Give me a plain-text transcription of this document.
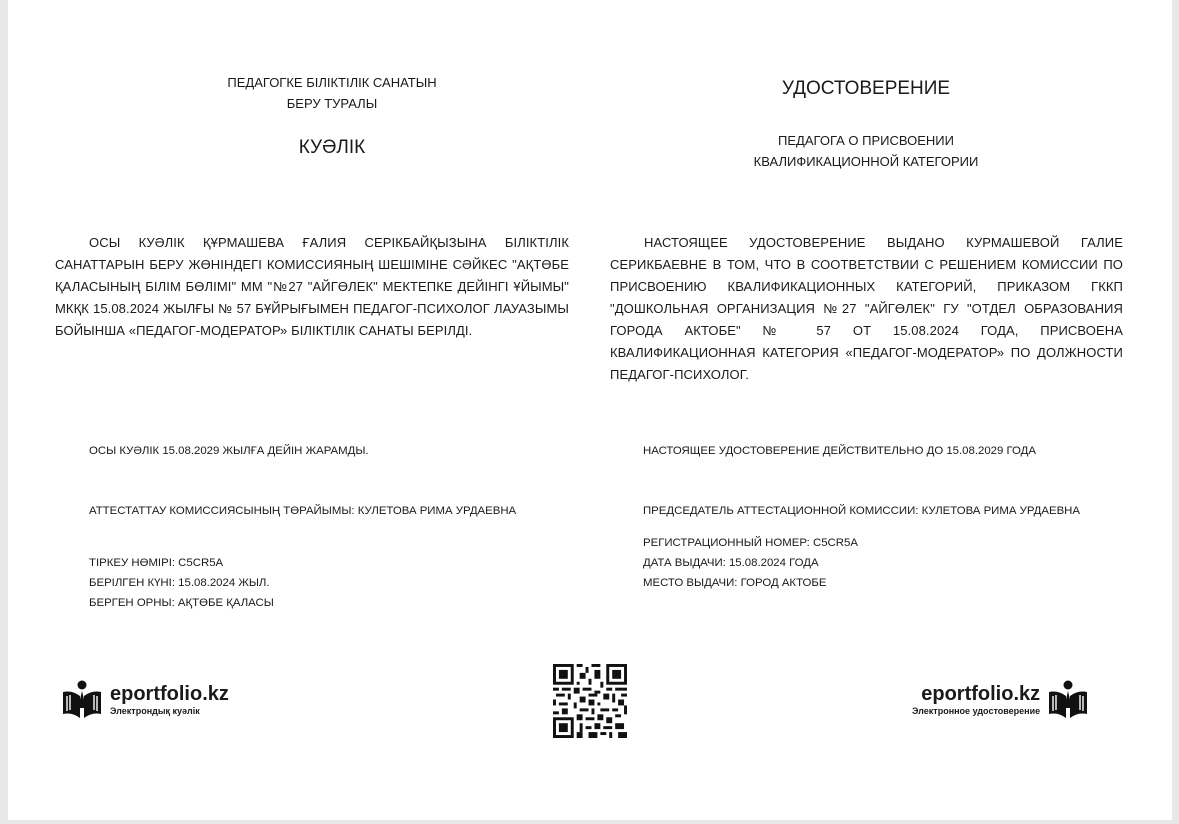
ПЕДАГОГКЕ БІЛІКТІЛІК САНАТЫН
БЕРУ ТУРАЛЫ
КУӘЛІК
ОСЫ КУӘЛІК ҚҰРМАШЕВА ҒАЛИЯ СЕРІКБАЙҚЫЗЫНА БІЛІКТІЛІК САНАТТАРЫН БЕРУ ЖӨНІНДЕГІ КОМИССИЯНЫҢ ШЕШІМІНЕ СӘЙКЕС "АҚТӨБЕ ҚАЛАСЫНЫҢ БІЛІМ БӨЛІМІ" ММ "№27 "АЙГӨЛЕК" МЕКТЕПКЕ ДЕЙІНГІ ҰЙЫМЫ" МКҚК 15.08.2024 ЖЫЛҒЫ № 57 БҰЙРЫҒЫМЕН ПЕДАГОГ-ПСИХОЛОГ ЛАУАЗЫМЫ БОЙЫНША «ПЕДАГОГ-МОДЕРАТОР» БІЛІКТІЛІК САНАТЫ БЕРІЛДІ.
ОСЫ КУӘЛІК 15.08.2029 ЖЫЛҒА ДЕЙІН ЖАРАМДЫ.
АТТЕСТАТТАУ КОМИССИЯСЫНЫҢ ТӨРАЙЫМЫ: КУЛЕТОВА РИМА УРДАЕВНА
ТІРКЕУ НӨМІРІ: C5CR5A
БЕРІЛГЕН КҮНІ: 15.08.2024 ЖЫЛ.
БЕРГЕН ОРНЫ: АҚТӨБЕ ҚАЛАСЫ
УДОСТОВЕРЕНИЕ
ПЕДАГОГА О ПРИСВОЕНИИ
КВАЛИФИКАЦИОННОЙ КАТЕГОРИИ
НАСТОЯЩЕЕ УДОСТОВЕРЕНИЕ ВЫДАНО КУРМАШЕВОЙ ГАЛИЕ СЕРИКБАЕВНЕ В ТОМ, ЧТО В СООТВЕТСТВИИ С РЕШЕНИЕМ КОМИССИИ ПО ПРИСВОЕНИЮ КВАЛИФИКАЦИОННЫХ КАТЕГОРИЙ, ПРИКАЗОМ ГККП "ДОШКОЛЬНАЯ ОРГАНИЗАЦИЯ №27 "АЙГӨЛЕК" ГУ "ОТДЕЛ ОБРАЗОВАНИЯ ГОРОДА АКТОБЕ" № 57 ОТ 15.08.2024 ГОДА, ПРИСВОЕНА КВАЛИФИКАЦИОННАЯ КАТЕГОРИЯ «ПЕДАГОГ-МОДЕРАТОР» ПО ДОЛЖНОСТИ ПЕДАГОГ-ПСИХОЛОГ.
НАСТОЯЩЕЕ УДОСТОВЕРЕНИЕ ДЕЙСТВИТЕЛЬНО ДО 15.08.2029 ГОДА
ПРЕДСЕДАТЕЛЬ АТТЕСТАЦИОННОЙ КОМИССИИ: КУЛЕТОВА РИМА УРДАЕВНА
РЕГИСТРАЦИОННЫЙ НОМЕР: C5CR5A
ДАТА ВЫДАЧИ: 15.08.2024 ГОДА
МЕСТО ВЫДАЧИ: ГОРОД АКТОБЕ
eportfolio.kz
Электрондық куәлік
eportfolio.kz
Электронное удостоверение
